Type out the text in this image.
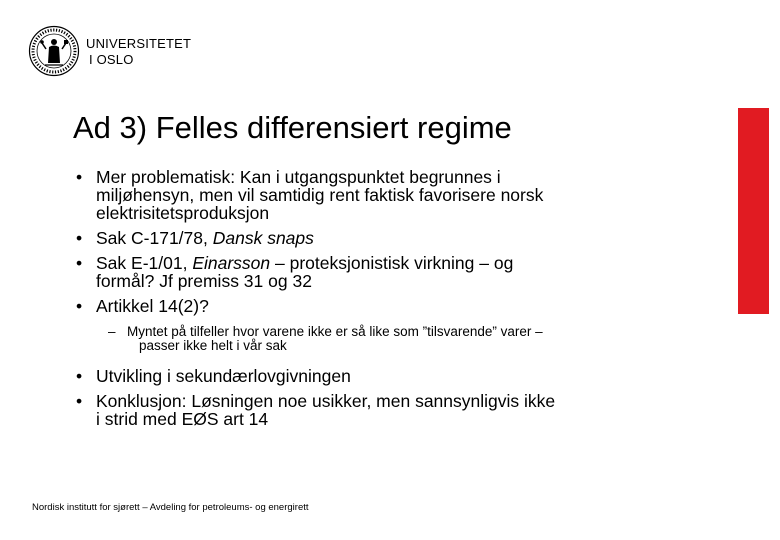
UNIVERSITETET
I OSLO
Ad 3) Felles differensiert regime
• Mer problematisk: Kan i utgangspunktet begrunnes i
miljøhensyn, men vil samtidig rent faktisk favorisere norsk
elektrisitetsproduksjon
• Sak C-171/78, Dansk snaps
• Sak E-1/01, Einarsson – proteksjonistisk virkning – og
formål? Jf premiss 31 og 32
• Artikkel 14(2)?
– Myntet på tilfeller hvor varene ikke er så like som ”tilsvarende” varer –
passer ikke helt i vår sak
• Utvikling i sekundærlovgivningen
• Konklusjon: Løsningen noe usikker, men sannsynligvis ikke
i strid med EØS art 14
Nordisk institutt for sjørett – Avdeling for petroleums- og energirett
